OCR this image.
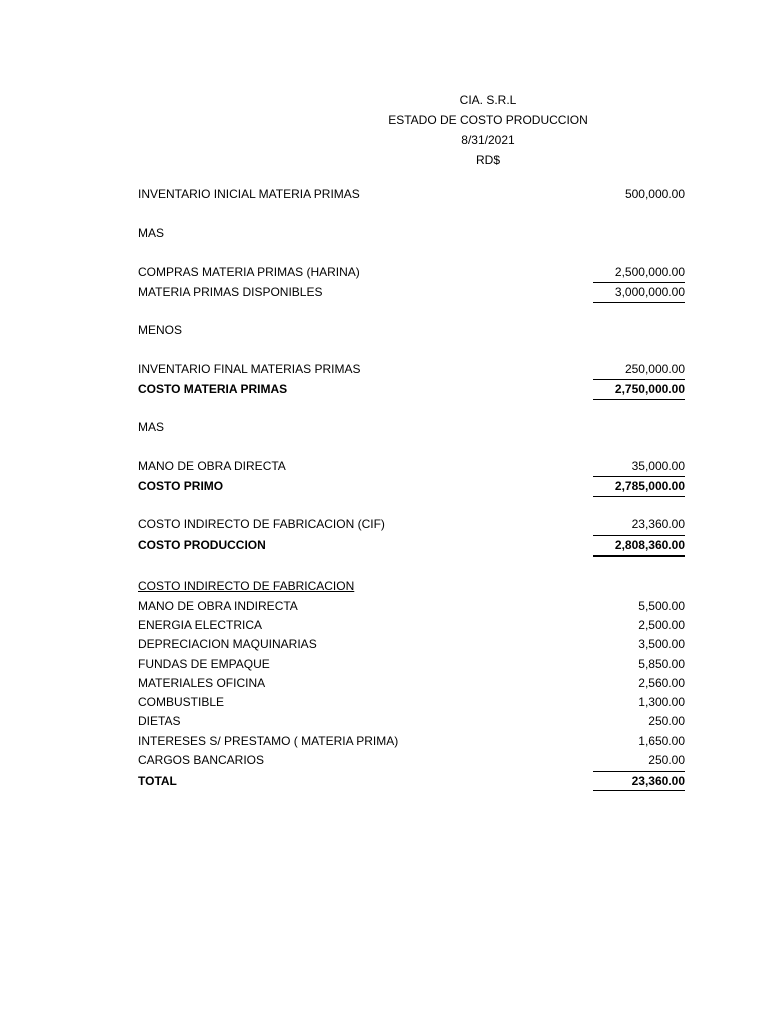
CIA. S.R.L
ESTADO DE COSTO PRODUCCION
8/31/2021
RD$
INVENTARIO INICIAL MATERIA PRIMAS	500,000.00
MAS
COMPRAS MATERIA PRIMAS (HARINA)	2,500,000.00
MATERIA PRIMAS DISPONIBLES	3,000,000.00
MENOS
INVENTARIO FINAL MATERIAS PRIMAS	250,000.00
COSTO MATERIA PRIMAS	2,750,000.00
MAS
MANO DE OBRA DIRECTA	35,000.00
COSTO PRIMO	2,785,000.00
COSTO INDIRECTO DE FABRICACION (CIF)	23,360.00
COSTO PRODUCCION	2,808,360.00
COSTO INDIRECTO DE FABRICACION
MANO DE OBRA INDIRECTA	5,500.00
ENERGIA ELECTRICA	2,500.00
DEPRECIACION MAQUINARIAS	3,500.00
FUNDAS DE EMPAQUE	5,850.00
MATERIALES OFICINA	2,560.00
COMBUSTIBLE	1,300.00
DIETAS	250.00
INTERESES S/ PRESTAMO ( MATERIA PRIMA)	1,650.00
CARGOS BANCARIOS	250.00
TOTAL	23,360.00
